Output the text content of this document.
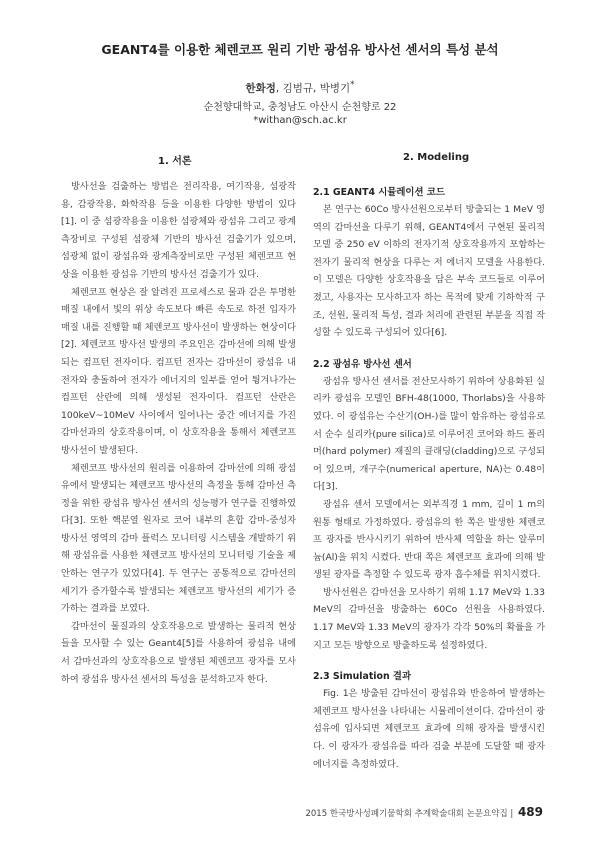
GEANT4를 이용한 체렌코프 원리 기반 광섬유 방사선 센서의 특성 분석
한화정, 김범규, 박병기*
순천향대학교, 충청남도 아산시 순천향로 22
*withan@sch.ac.kr
1. 서론	2. Modeling

방사선을 검출하는 방법은 전리작용, 여기작용, 섬광작용, 감광작용, 화학작용 등을 이용한 다양한 방법이 있다[1]. 이 중 섬광작용을 이용한 섬광체와 광섬유 그리고 광계측장비로 구성된 섬광체 기반의 방사선 검출기가 있으며, 섬광체 없이 광섬유와 광계측장비로만 구성된 체렌코프 현상을 이용한 광섬유 기반의 방사선 검출기가 있다.

체렌코프 현상은 잘 알려진 프로세스로 물과 같은 투명한 매질 내에서 빛의 위상 속도보다 빠른 속도로 하전 입자가 매질 내를 진행할 때 체렌코프 방사선이 발생하는 현상이다[2]. 체렌코프 방사선 발생의 주요인은 감마선에 의해 발생되는 컴프턴 전자이다. 컴프턴 전자는 감마선이 광섬유 내 전자와 충돌하여 전자가 에너지의 일부를 얻어 튕겨나가는 컴프턴 산란에 의해 생성된 전자이다. 컴프턴 산란은 100keV~10MeV 사이에서 일어나는 중간 에너지를 가진 감마선과의 상호작용이며, 이 상호작용을 통해서 체렌코프 방사선이 발생된다.

체렌코프 방사선의 원리를 이용하여 감마선에 의해 광섬유에서 발생되는 체렌코프 방사선의 측정을 통해 감마선 측정을 위한 광섬유 방사선 센서의 성능평가 연구를 진행하였다[3]. 또한 핵분열 원자로 코어 내부의 혼합 감마-중성자 방사선 영역의 감마 플럭스 모니터링 시스템을 개발하기 위해 광섬유를 사용한 체렌코프 방사선의 모니터링 기술을 제안하는 연구가 있었다[4]. 두 연구는 공통적으로 감마선의 세기가 증가할수록 발생되는 체렌코프 방사선의 세기가 증가하는 결과를 보였다.

감마선이 물질과의 상호작용으로 발생하는 물리적 현상들을 모사할 수 있는 Geant4[5]를 사용하여 광섬유 내에서 감마선과의 상호작용으로 발생된 체렌코프 광자를 모사하여 광섬유 방사선 센서의 특성을 분석하고자 한다.

2.1 GEANT4 시뮬레이션 코드

본 연구는 60Co 방사선원으로부터 방출되는 1 MeV 영역의 감마선을 다루기 위해, GEANT4에서 구현된 물리적 모델 중 250 eV 이하의 전자기적 상호작용까지 포함하는 전자기 물리적 현상을 다루는 저 에너지 모델을 사용한다. 이 모델은 다양한 상호작용을 담은 부속 코드들로 이루어졌고, 사용자는 모사하고자 하는 목적에 맞게 기하학적 구조, 선원, 물리적 특성, 결과 처리에 관련된 부분을 직접 작성할 수 있도록 구성되어 있다[6].

2.2 광섬유 방사선 센서

광섬유 방사선 센서를 전산모사하기 위하여 상용화된 실리카 광섬유 모델인 BFH-48(1000, Thorlabs)을 사용하였다. 이 광섬유는 수산기(OH-)를 많이 함유하는 광섬유로서 순수 실리카(pure silica)로 이루어진 코어와 하드 폴리머(hard polymer) 재질의 클래딩(cladding)으로 구성되어 있으며, 개구수(numerical aperture, NA)는 0.48이다[3].

광섬유 센서 모델에서는 외부직경 1 mm, 길이 1 m의 원통 형태로 가정하였다. 광섬유의 한 쪽은 발생한 체렌코프 광자를 반사시키기 위하여 반사체 역할을 하는 알루미늄(Al)을 위치 시켰다. 반대 쪽은 체렌코프 효과에 의해 발생된 광자를 측정할 수 있도록 광자 흡수체를 위치시켰다.

방사선원은 감마선을 모사하기 위해 1.17 MeV와 1.33 MeV의 감마선을 방출하는 60Co 선원을 사용하였다. 1.17 MeV와 1.33 MeV의 광자가 각각 50%의 확률을 가지고 모든 방향으로 방출하도록 설정하였다.

2.3 Simulation 결과

Fig. 1은 방출된 감마선이 광섬유와 반응하여 발생하는 체렌코프 방사선을 나타내는 시뮬레이션이다. 감마선이 광섬유에 입사되면 체렌코프 효과에 의해 광자를 발생시킨다. 이 광자가 광섬유를 따라 검출 부분에 도달할 때 광자 에너지를 측정하였다.

2015 한국방사성폐기물학회 추계학술대회 논문요약집 | 489
